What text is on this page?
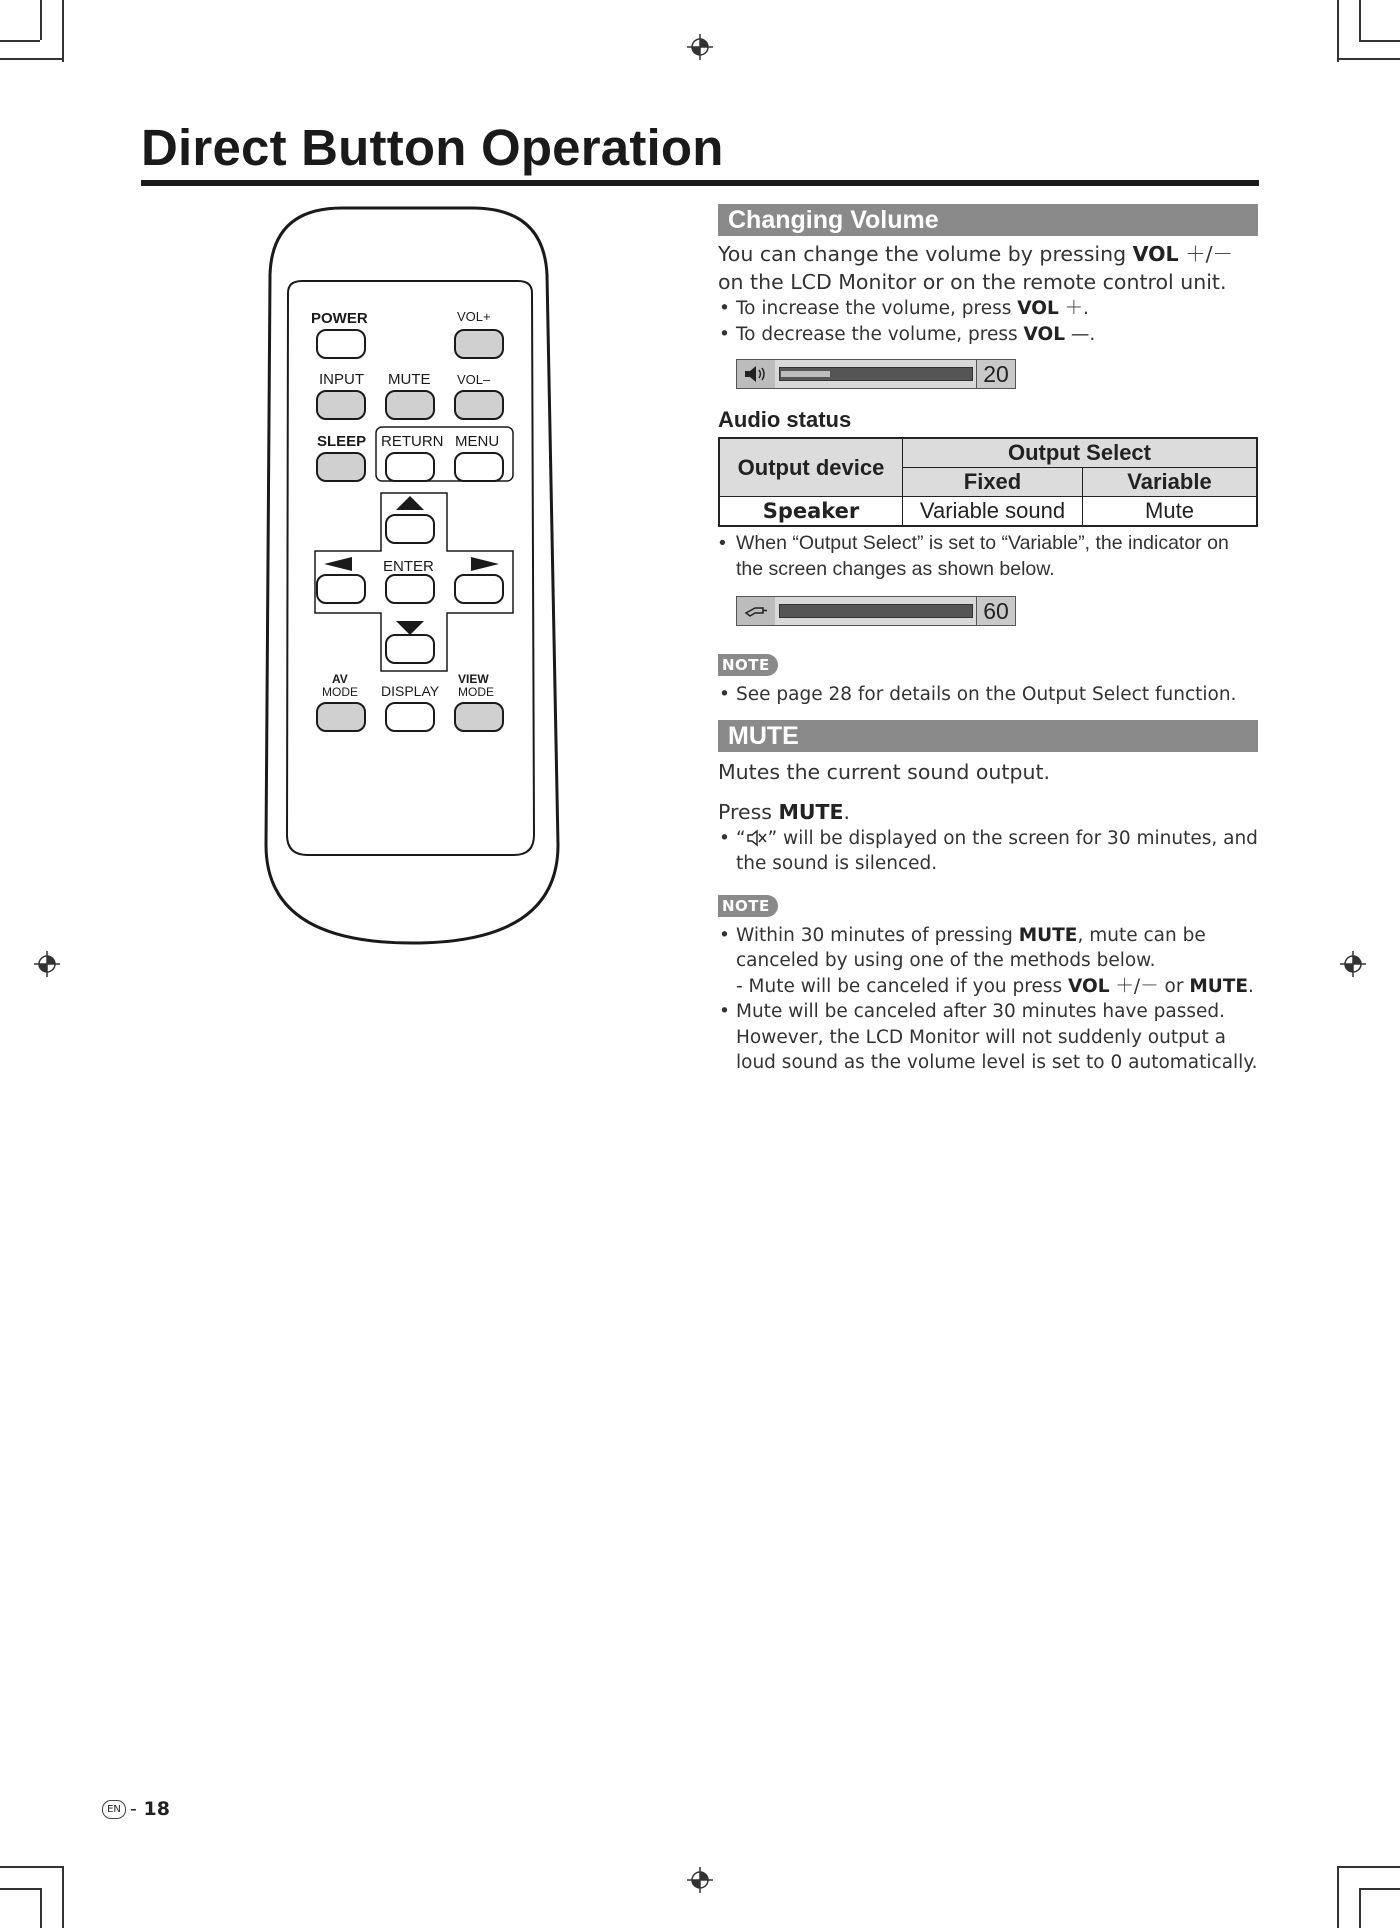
Direct Button Operation
POWER	VOL+
INPUT MUTE VOL–
SLEEP RETURN MENU
ENTER
AV
MODE DISPLAY
VIEW
MODE
Changing Volume

You can change the volume by pressing VOL ＋/－ on the LCD Monitor or on the remote control unit.

• To increase the volume, press VOL ＋.
• To decrease the volume, press VOL —.
20
Audio status
Output device	Output Select	
	Fixed	Variable
Speaker	Variable sound	Mute
• When “Output Select” is set to “Variable”, the indicator on the screen changes as shown below.
60
NOTE
• See page 28 for details on the Output Select function.
MUTE

Mutes the current sound output.

Press MUTE.

• “ ” will be displayed on the screen for 30 minutes, and the sound is silenced.
NOTE
• Within 30 minutes of pressing MUTE, mute can be canceled by using one of the methods below.
- Mute will be canceled if you press VOL ＋/－ or MUTE.
• Mute will be canceled after 30 minutes have passed. However, the LCD Monitor will not suddenly output a loud sound as the volume level is set to 0 automatically.
EN - 18
